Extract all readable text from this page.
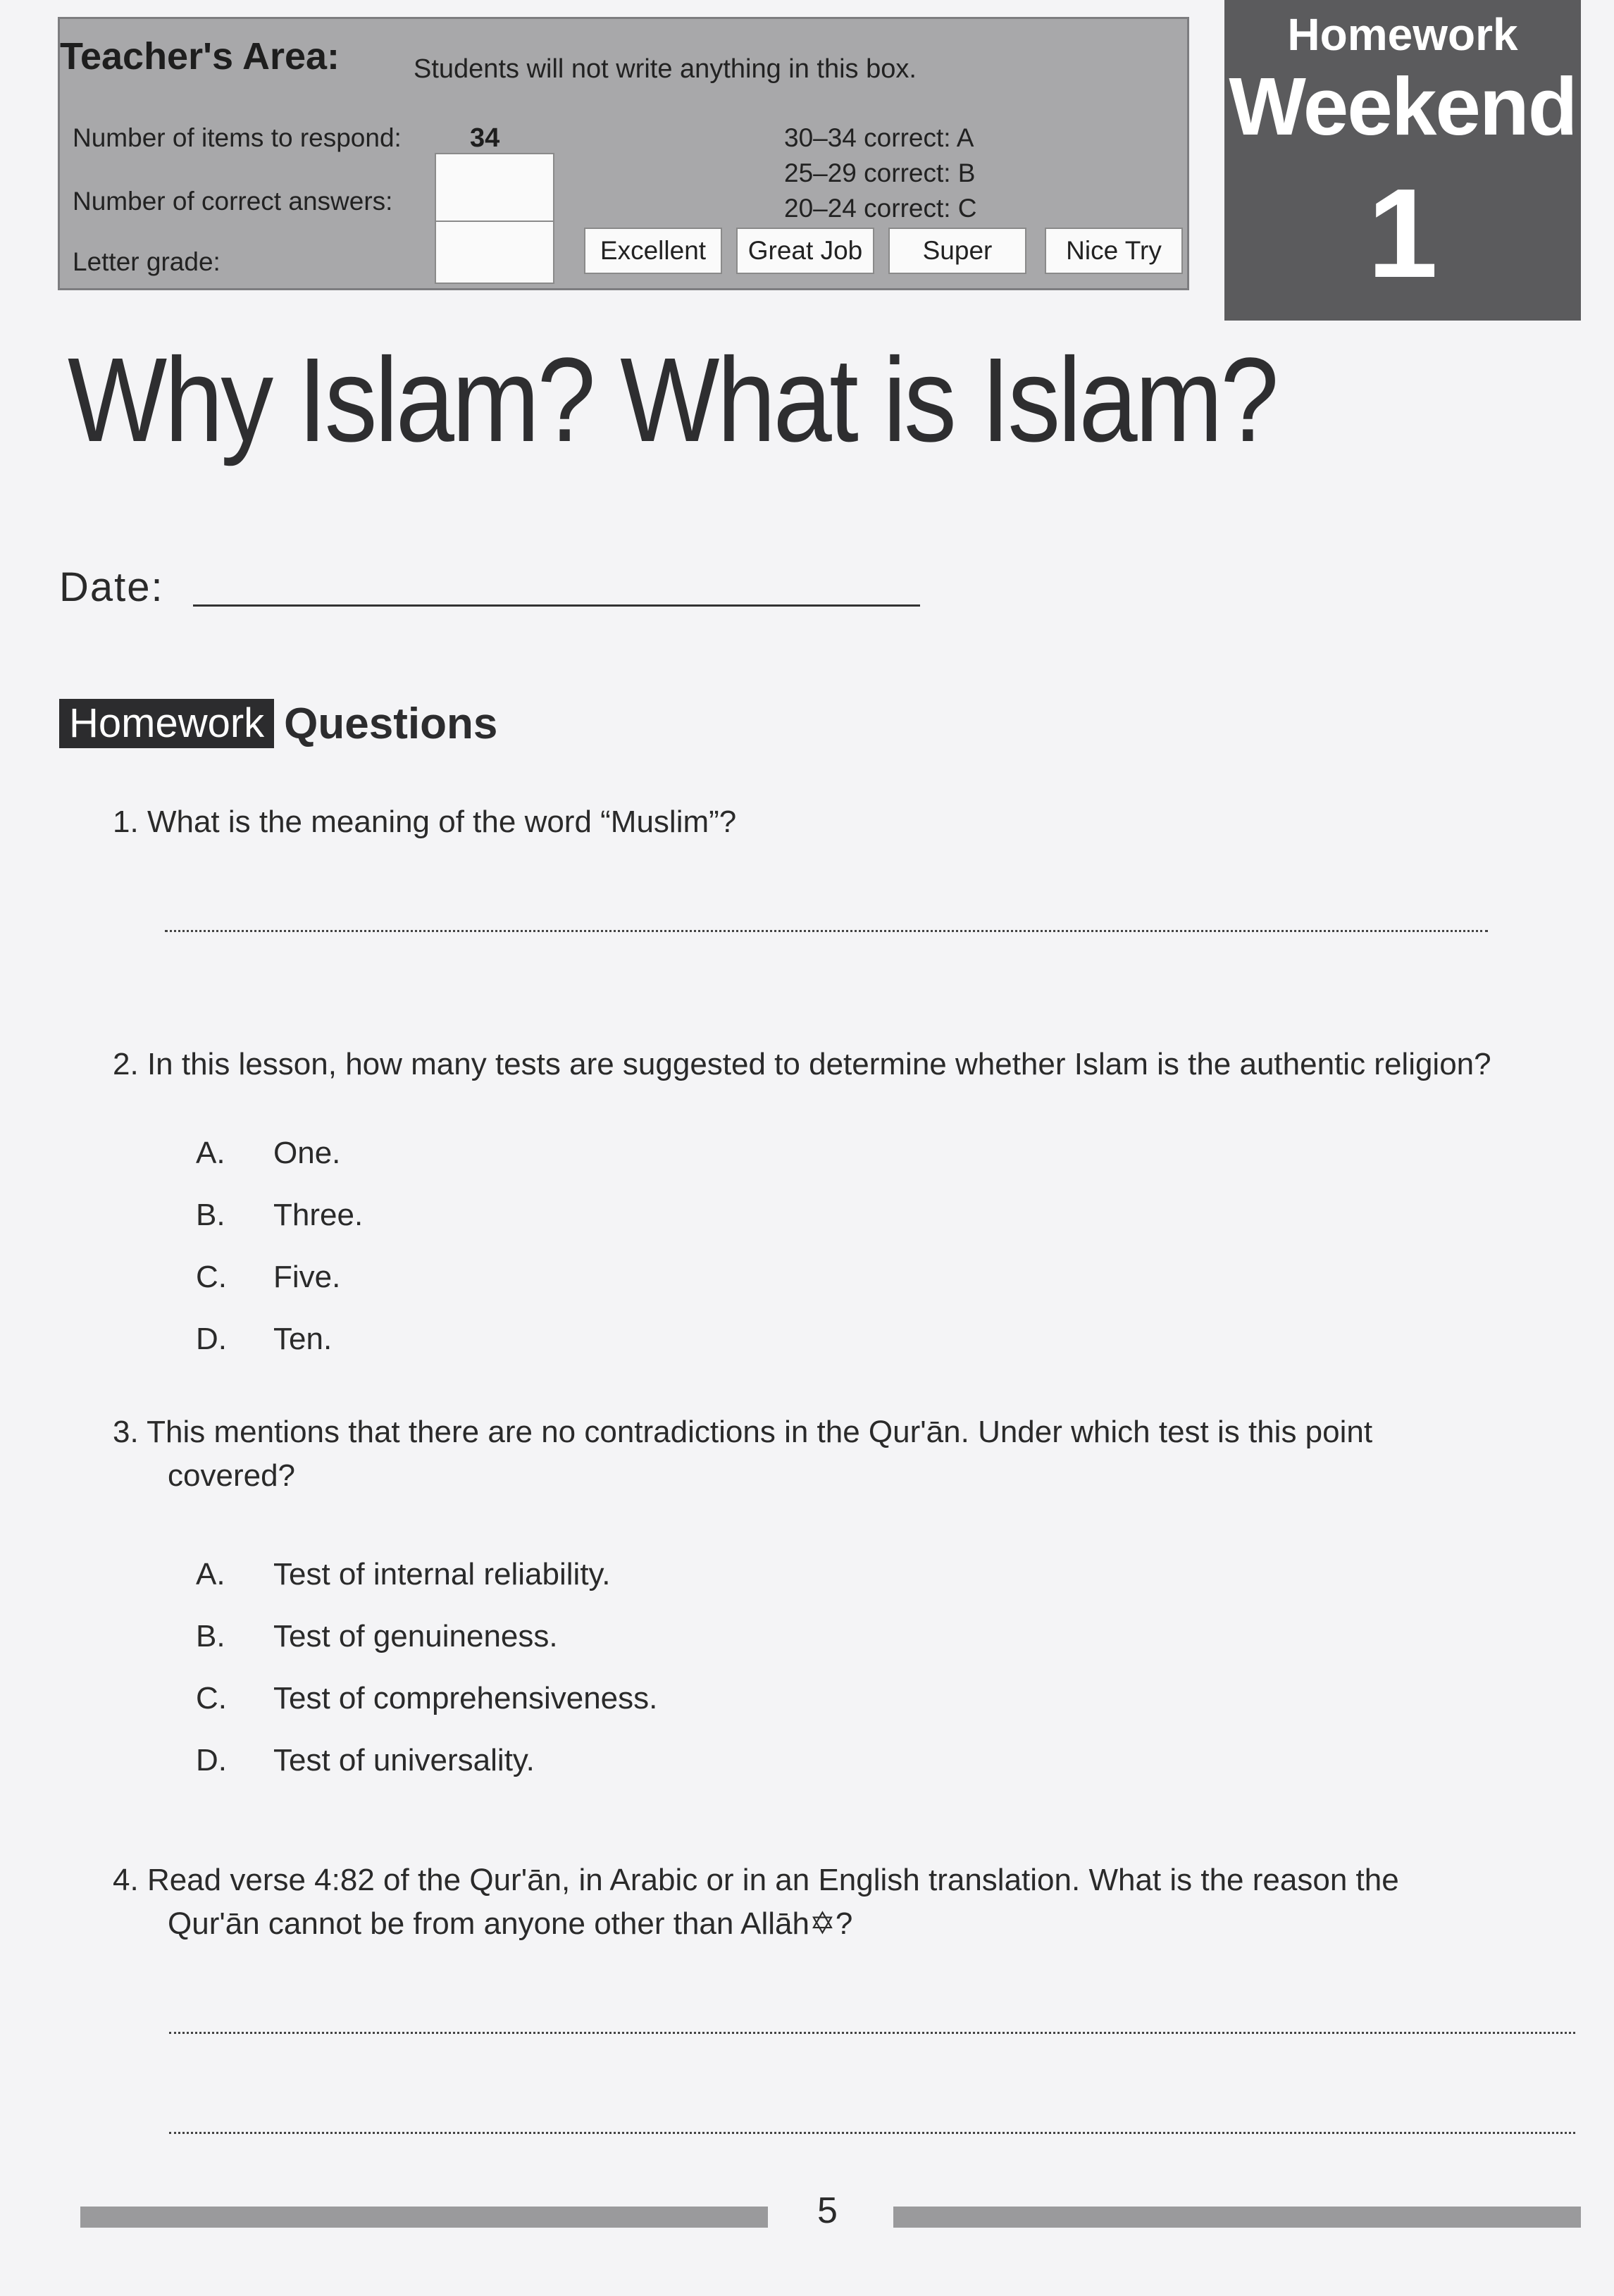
Teacher's Area:	Students will not write anything in this box.
Number of items to respond:	34
Number of correct answers:
Letter grade:
30–34 correct: A
25–29 correct: B
20–24 correct: C
Excellent	Great Job	Super	Nice Try
Homework
Weekend
1
Why Islam? What is Islam?
Date:
Homework Questions
1. What is the meaning of the word “Muslim”?
2. In this lesson, how many tests are suggested to determine whether Islam is the authentic religion?
A. One.
B. Three.
C. Five.
D. Ten.
3. This mentions that there are no contradictions in the Qur'ān. Under which test is this point
covered?
A. Test of internal reliability.
B. Test of genuineness.
C. Test of comprehensiveness.
D. Test of universality.
4. Read verse 4:82 of the Qur'ān, in Arabic or in an English translation. What is the reason the
Qur'ān cannot be from anyone other than Allāh✡?
5
